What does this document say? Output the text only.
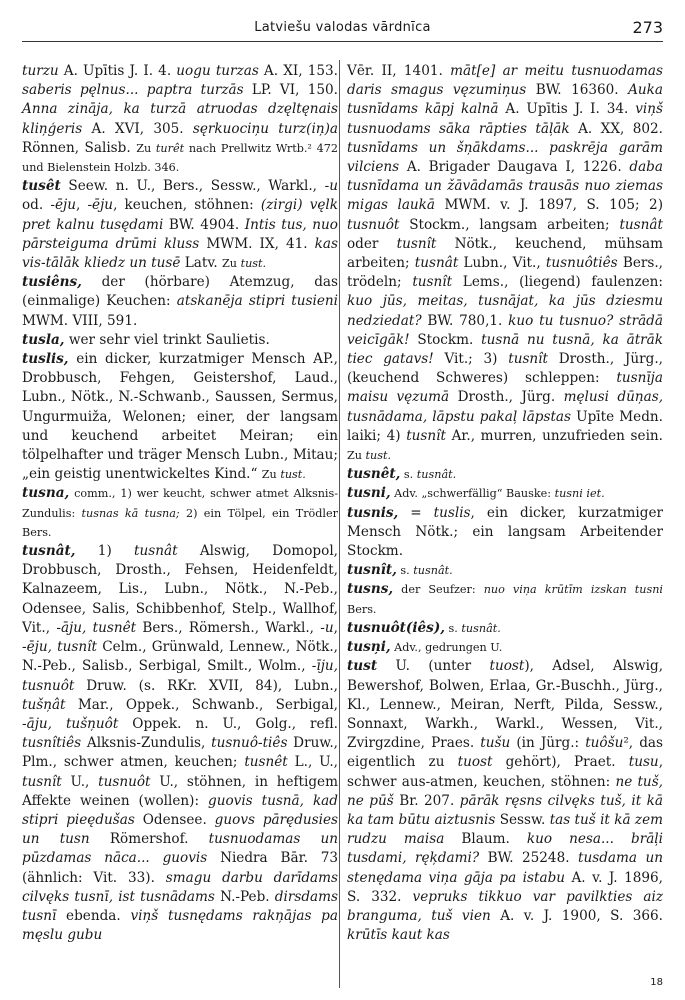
Latviešu valodas vārdnīca	273

turzu A. Upītis J. I. 4. uogu turzas A. XI, 153. saberis pęlnus... paptra turzās LP. VI, 150. Anna zināja, ka turzā atruodas dzęltęnais kliņģeris A. XVI, 305. sęrkuociņu turz(iņ)a Rönnen, Salisb. Zu turêt nach Prellwitz Wrtb.² 472 und Bielenstein Holzb. 346.

tusêt Seew. n. U., Bers., Sessw., Warkl., -u od. -ēju, -ēju, keuchen, stöhnen: (zirgi) vęlk pret kalnu tusędami BW. 4904. Intis tus, nuo pārsteiguma drūmi kluss MWM. IX, 41. kas vis-tālāk kliedz un tusē Latv. Zu tust.

tusiêns, der (hörbare) Atemzug, das (einmalige) Keuchen: atskanēja stipri tusieni MWM. VIII, 591.

tusla, wer sehr viel trinkt Saulietis.

tuslis, ein dicker, kurzatmiger Mensch AP., Drobbusch, Fehgen, Geistershof, Laud., Lubn., Nötk., N.-Schwanb., Saussen, Sermus, Ungurmuiža, Welonen; einer, der langsam und keuchend arbeitet Meiran; ein tölpelhafter und träger Mensch Lubn., Mitau; „ein geistig unentwickeltes Kind.“ Zu tust.

tusna, comm., 1) wer keucht, schwer atmet Alksnis-Zundulis: tusnas kā tusna; 2) ein Tölpel, ein Trödler Bers.

tusnât, 1) tusnât Alswig, Domopol, Drobbusch, Drosth., Fehsen, Heidenfeldt, Kalnazeem, Lis., Lubn., Nötk., N.-Peb., Odensee, Salis, Schibbenhof, Stelp., Wallhof, Vit., -āju, tusnêt Bers., Römersh., Warkl., -u, -ēju, tusnît Celm., Grünwald, Lennew., Nötk., N.-Peb., Salisb., Serbigal, Smilt., Wolm., -īju, tusnuôt Druw. (s. RKr. XVII, 84), Lubn., tušņât Mar., Oppek., Schwanb., Serbigal, -āju, tušņuôt Oppek. n. U., Golg., refl. tusnîtiês Alksnis-Zundulis, tusnuô-tiês Druw., Plm., schwer atmen, keuchen; tusnêt L., U., tusnît U., tusnuôt U., stöhnen, in heftigem Affekte weinen (wollen): guovis tusnā, kad stipri pieędušas Odensee. guovs pārędusies un tusn Römershof. tusnuodamas un pūzdamas nāca... guovis Niedra Bār. 73 (ähnlich: Vit. 33). smagu darbu darīdams cilvęks tusnī, ist tusnādams N.-Peb. dirsdams tusnī ebenda. viņš tusnędams rakņājas pa męslu gubu

Vēr. II, 1401. māt[e] ar meitu tusnuodamas daris smagus vęzumiņus BW. 16360. Auka tusnīdams kāpj kalnā A. Upītis J. I. 34. viņš tusnuodams sāka rāpties tāļāk A. XX, 802. tusnīdams un šņākdams... paskrēja garām vilciens A. Brigader Daugava I, 1226. daba tusnīdama un žāvādamās trausās nuo ziemas migas laukā MWM. v. J. 1897, S. 105; 2) tusnuôt Stockm., langsam arbeiten; tusnât oder tusnît Nötk., keuchend, mühsam arbeiten; tusnât Lubn., Vit., tusnuôtiês Bers., trödeln; tusnît Lems., (liegend) faulenzen: kuo jūs, meitas, tusnājat, ka jūs dziesmu nedziedat? BW. 780,1. kuo tu tusnuo? strādā veicīgāk! Stockm. tusnā nu tusnā, ka ātrāk tiec gatavs! Vit.; 3) tusnît Drosth., Jürg., (keuchend Schweres) schleppen: tusnīja maisu vęzumā Drosth., Jürg. męlusi dūņas, tusnādama, lāpstu pakaļ lāpstas Upīte Medn. laiki; 4) tusnît Ar., murren, unzufrieden sein. Zu tust.

tusnêt, s. tusnât.

tusni, Adv. „schwerfällig“ Bauske: tusni iet.

tusnis, = tuslis, ein dicker, kurzatmiger Mensch Nötk.; ein langsam Arbeitender Stockm.

tusnît, s. tusnât.

tusns, der Seufzer: nuo viņa krūtīm izskan tusni Bers.

tusnuôt(iês), s. tusnât.

tusņi, Adv., gedrungen U.

tust U. (unter tuost), Adsel, Alswig, Bewershof, Bolwen, Erlaa, Gr.-Buschh., Jürg., Kl., Lennew., Meiran, Nerft, Pilda, Sessw., Sonnaxt, Warkh., Warkl., Wessen, Vit., Zvirgzdine, Praes. tušu (in Jürg.: tuôšu², das eigentlich zu tuost gehört), Praet. tusu, schwer aus-atmen, keuchen, stöhnen: ne tuš, ne pūš Br. 207. pārāk ręsns cilvęks tuš, it kā ka tam būtu aiztusnis Sessw. tas tuš it kā zem rudzu maisa Blaum. kuo nesa... brāļi tusdami, ręķdami? BW. 25248. tusdama un stenędama viņa gāja pa istabu A. v. J. 1896, S. 332. vepruks tikkuo var pavilkties aiz branguma, tuš vien A. v. J. 1900, S. 366. krūtīs kaut kas

18
